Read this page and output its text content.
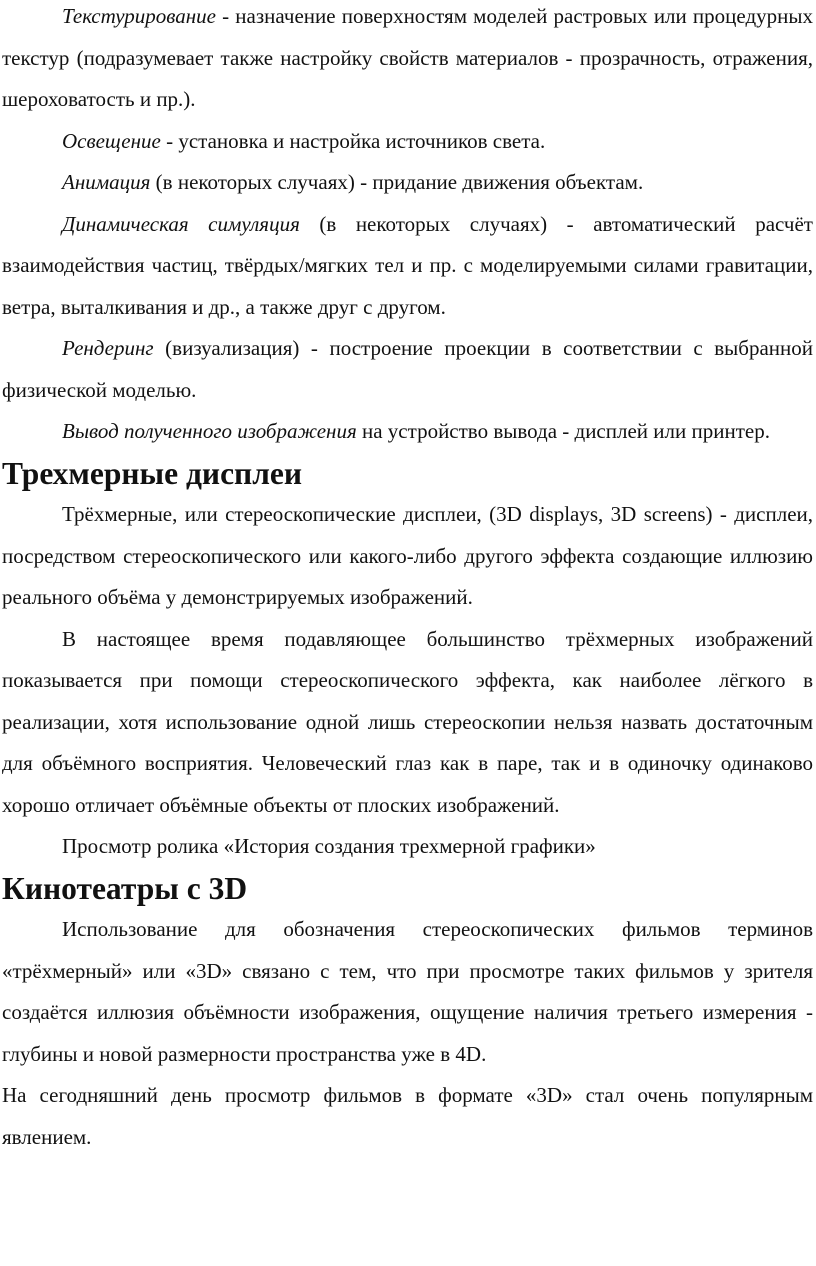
Текстурирование - назначение поверхностям моделей растровых или процедурных текстур (подразумевает также настройку свойств материалов - прозрачность, отражения, шероховатость и пр.).

Освещение - установка и настройка источников света.

Анимация (в некоторых случаях) - придание движения объектам.

Динамическая симуляция (в некоторых случаях) - автоматический расчёт взаимодействия частиц, твёрдых/мягких тел и пр. с моделируемыми силами гравитации, ветра, выталкивания и др., а также друг с другом.

Рендеринг (визуализация) - построение проекции в соответствии с выбранной физической моделью.

Вывод полученного изображения на устройство вывода - дисплей или принтер.

Трехмерные дисплеи

Трёхмерные, или стереоскопические дисплеи, (3D displays, 3D screens) - дисплеи, посредством стереоскопического или какого-либо другого эффекта создающие иллюзию реального объёма у демонстрируемых изображений.

В настоящее время подавляющее большинство трёхмерных изображений показывается при помощи стереоскопического эффекта, как наиболее лёгкого в реализации, хотя использование одной лишь стереоскопии нельзя назвать достаточным для объёмного восприятия. Человеческий глаз как в паре, так и в одиночку одинаково хорошо отличает объёмные объекты от плоских изображений.

Просмотр ролика «История создания трехмерной графики»

Кинотеатры с 3D

Использование для обозначения стереоскопических фильмов терминов «трёхмерный» или «3D» связано с тем, что при просмотре таких фильмов у зрителя создаётся иллюзия объёмности изображения, ощущение наличия третьего измерения - глубины и новой размерности пространства уже в 4D.

На сегодняшний день просмотр фильмов в формате «3D» стал очень популярным явлением.
